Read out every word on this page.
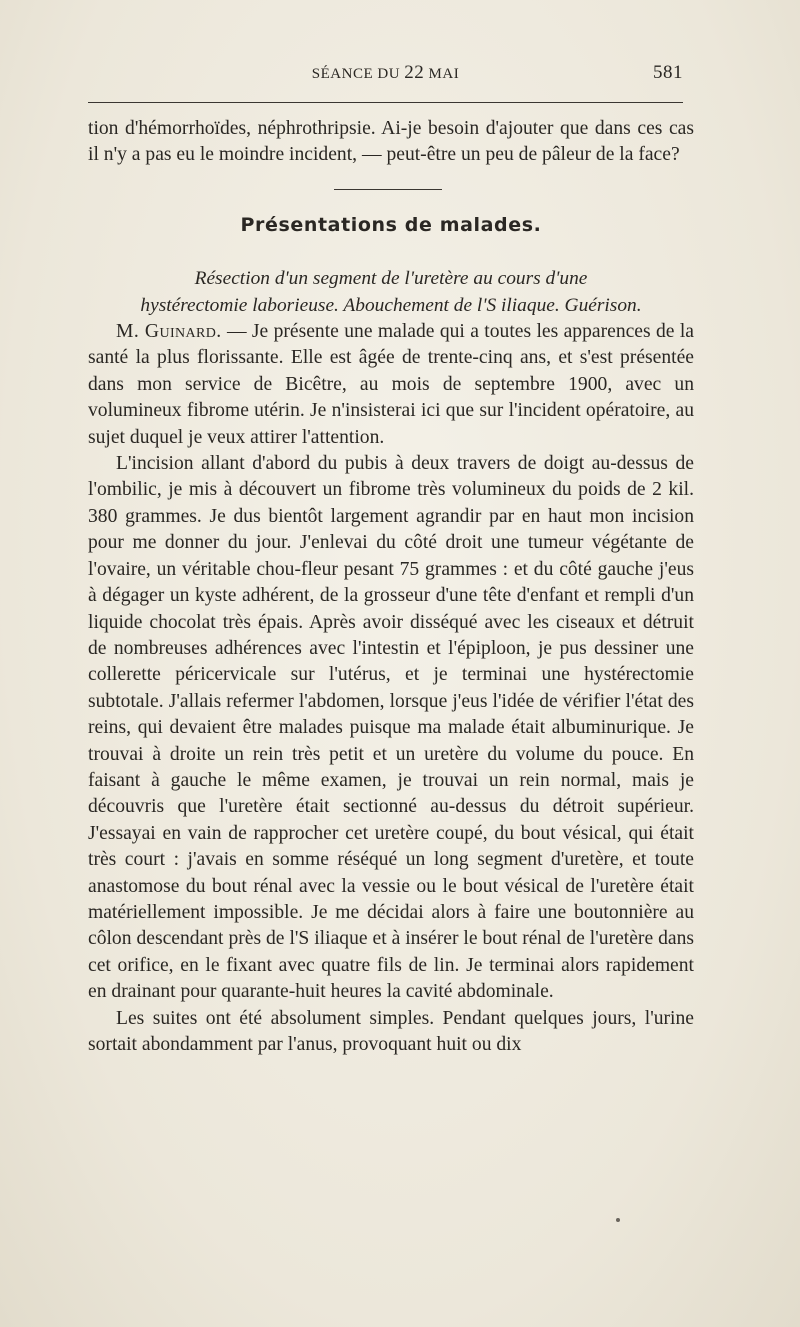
SÉANCE DU 22 MAI	581

tion d'hémorrhoïdes, néphrothripsie. Ai-je besoin d'ajouter que dans ces cas il n'y a pas eu le moindre incident, — peut-être un peu de pâleur de la face?

Présentations de malades.
Résection d'un segment de l'uretère au cours d'une
hystérectomie laborieuse. Abouchement de l'S iliaque. Guérison.

M. Guinard. — Je présente une malade qui a toutes les apparences de la santé la plus florissante. Elle est âgée de trente-cinq ans, et s'est présentée dans mon service de Bicêtre, au mois de septembre 1900, avec un volumineux fibrome utérin. Je n'insisterai ici que sur l'incident opératoire, au sujet duquel je veux attirer l'attention.

L'incision allant d'abord du pubis à deux travers de doigt au-dessus de l'ombilic, je mis à découvert un fibrome très volumineux du poids de 2 kil. 380 grammes. Je dus bientôt largement agrandir par en haut mon incision pour me donner du jour. J'enlevai du côté droit une tumeur végétante de l'ovaire, un véritable chou-fleur pesant 75 grammes : et du côté gauche j'eus à dégager un kyste adhérent, de la grosseur d'une tête d'enfant et rempli d'un liquide chocolat très épais. Après avoir disséqué avec les ciseaux et détruit de nombreuses adhérences avec l'intestin et l'épiploon, je pus dessiner une collerette péricervicale sur l'utérus, et je terminai une hystérectomie subtotale. J'allais refermer l'abdomen, lorsque j'eus l'idée de vérifier l'état des reins, qui devaient être malades puisque ma malade était albuminurique. Je trouvai à droite un rein très petit et un uretère du volume du pouce. En faisant à gauche le même examen, je trouvai un rein normal, mais je découvris que l'uretère était sectionné au-dessus du détroit supérieur. J'essayai en vain de rapprocher cet uretère coupé, du bout vésical, qui était très court : j'avais en somme réséqué un long segment d'uretère, et toute anastomose du bout rénal avec la vessie ou le bout vésical de l'uretère était matériellement impossible. Je me décidai alors à faire une boutonnière au côlon descendant près de l'S iliaque et à insérer le bout rénal de l'uretère dans cet orifice, en le fixant avec quatre fils de lin. Je terminai alors rapidement en drainant pour quarante-huit heures la cavité abdominale.

Les suites ont été absolument simples. Pendant quelques jours, l'urine sortait abondamment par l'anus, provoquant huit ou dix
